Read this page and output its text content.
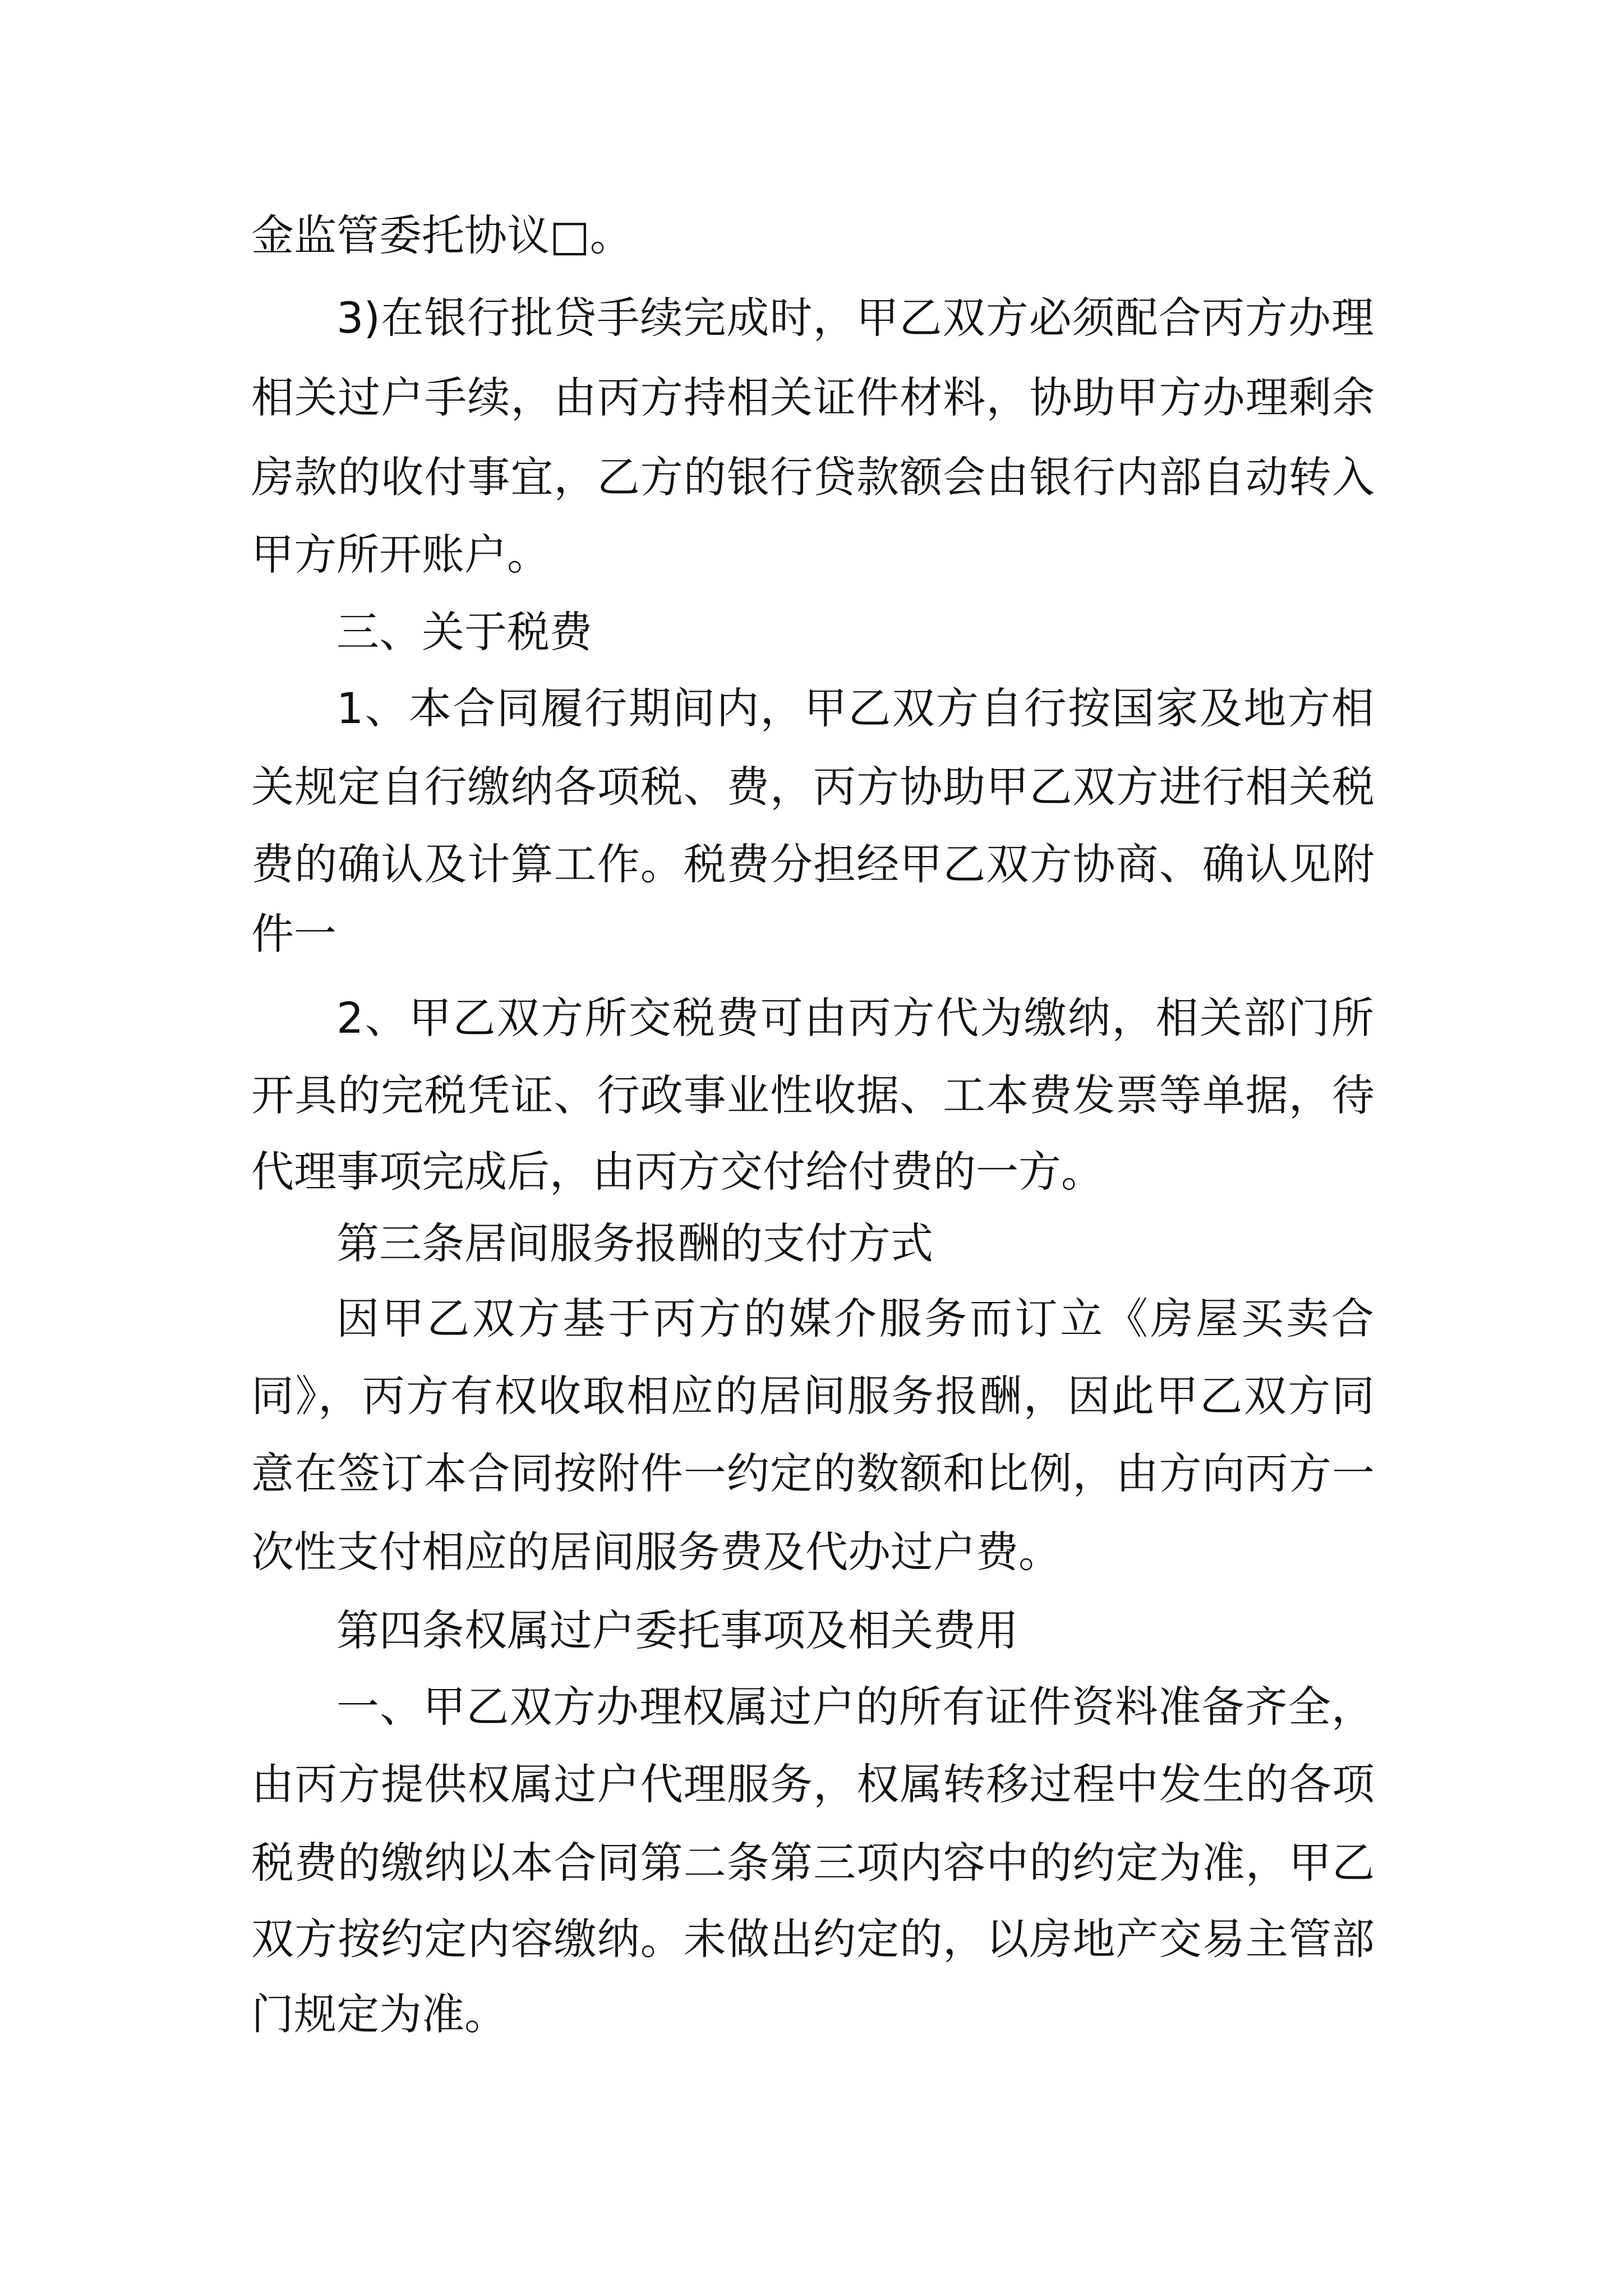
金监管委托协议□。
3)在银行批贷手续完成时，甲乙双方必须配合丙方办理
相关过户手续，由丙方持相关证件材料，协助甲方办理剩余
房款的收付事宜，乙方的银行贷款额会由银行内部自动转入
甲方所开账户。
三、关于税费
1、本合同履行期间内，甲乙双方自行按国家及地方相
关规定自行缴纳各项税、费，丙方协助甲乙双方进行相关税
费的确认及计算工作。税费分担经甲乙双方协商、确认见附
件一
2、甲乙双方所交税费可由丙方代为缴纳，相关部门所
开具的完税凭证、行政事业性收据、工本费发票等单据，待
代理事项完成后，由丙方交付给付费的一方。
第三条居间服务报酬的支付方式
因甲乙双方基于丙方的媒介服务而订立《房屋买卖合
同》，丙方有权收取相应的居间服务报酬，因此甲乙双方同
意在签订本合同按附件一约定的数额和比例，由方向丙方一
次性支付相应的居间服务费及代办过户费。
第四条权属过户委托事项及相关费用
一、甲乙双方办理权属过户的所有证件资料准备齐全，
由丙方提供权属过户代理服务，权属转移过程中发生的各项
税费的缴纳以本合同第二条第三项内容中的约定为准，甲乙
双方按约定内容缴纳。未做出约定的，以房地产交易主管部
门规定为准。
